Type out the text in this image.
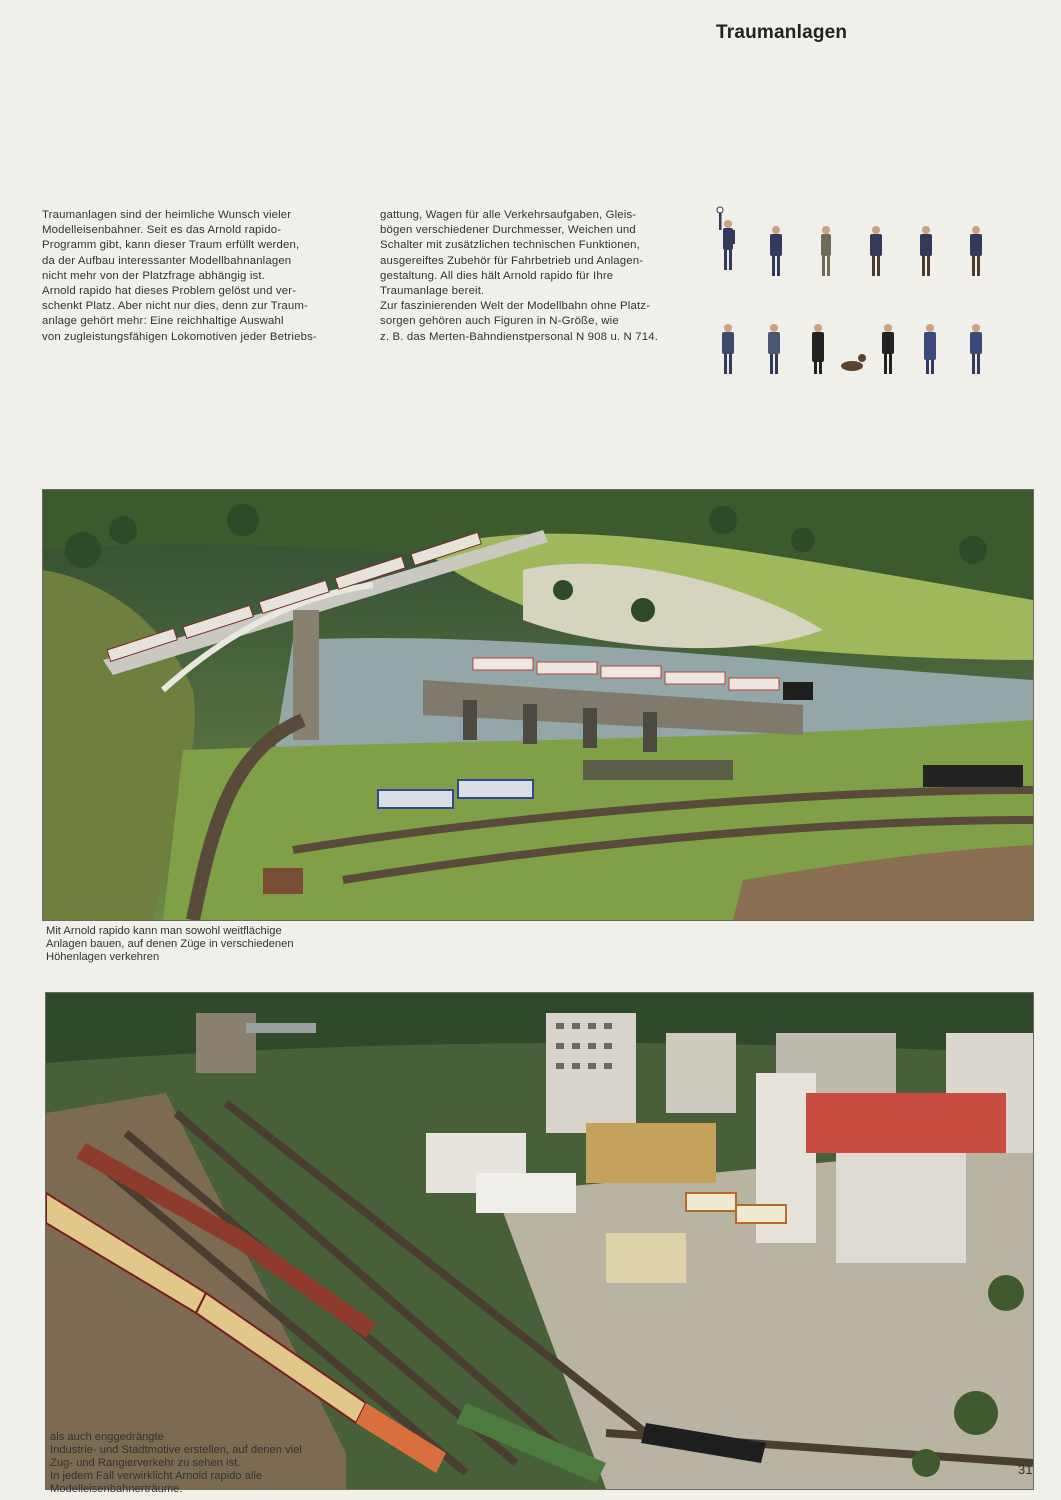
Traumanlagen
Traumanlagen sind der heimliche Wunsch vieler
Modelleisenbahner. Seit es das Arnold rapido-
Programm gibt, kann dieser Traum erfüllt werden,
da der Aufbau interessanter Modellbahnanlagen
nicht mehr von der Platzfrage abhängig ist.
Arnold rapido hat dieses Problem gelöst und ver-
schenkt Platz. Aber nicht nur dies, denn zur Traum-
anlage gehört mehr: Eine reichhaltige Auswahl
von zugleistungsfähigen Lokomotiven jeder Betriebs-
gattung, Wagen für alle Verkehrsaufgaben, Gleis-
bögen verschiedener Durchmesser, Weichen und
Schalter mit zusätzlichen technischen Funktionen,
ausgereiftes Zubehör für Fahrbetrieb und Anlagen-
gestaltung. All dies hält Arnold rapido für Ihre
Traumanlage bereit.
Zur faszinierenden Welt der Modellbahn ohne Platz-
sorgen gehören auch Figuren in N-Größe, wie
z. B. das Merten-Bahndienstpersonal N 908 u. N 714.
Mit Arnold rapido kann man sowohl weitflächige
Anlagen bauen, auf denen Züge in verschiedenen
Höhenlagen verkehren
als auch enggedrängte
Industrie- und Stadtmotive erstellen, auf denen viel
Zug- und Rangierverkehr zu sehen ist.
In jedem Fall verwirklicht Arnold rapido alle
Modelleisenbahnerträume.
31
